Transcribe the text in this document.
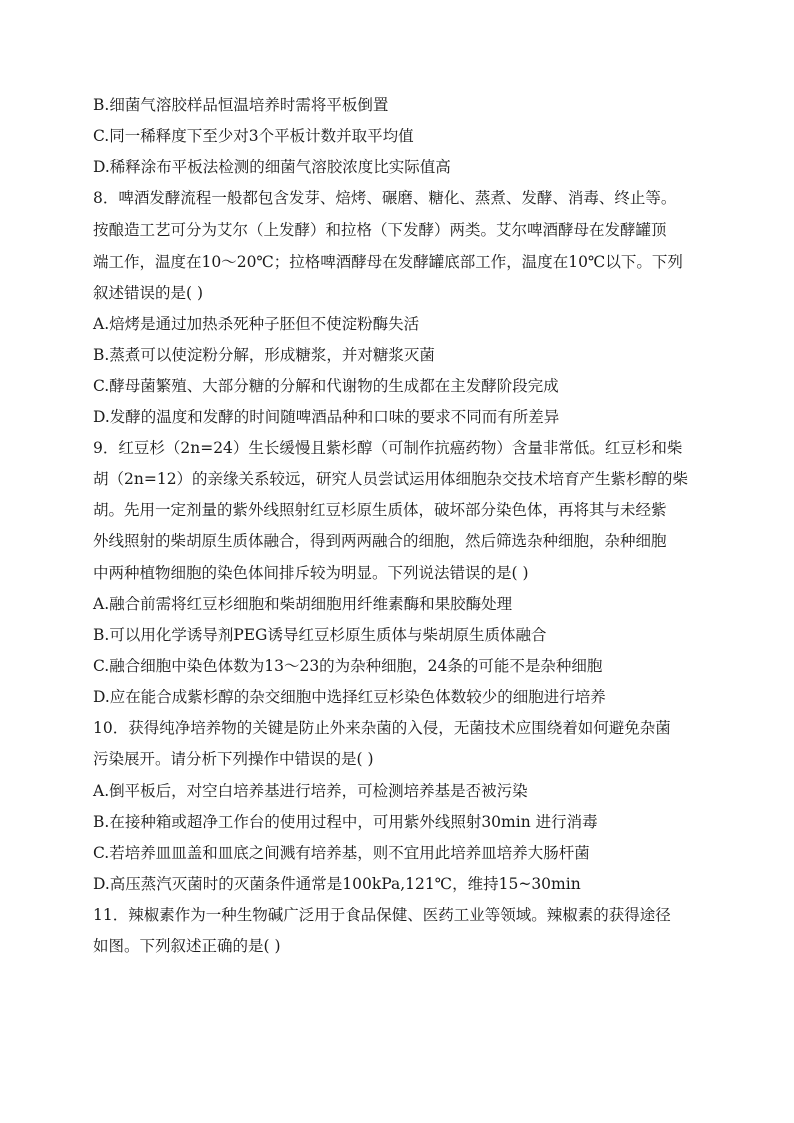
B.细菌气溶胶样品恒温培养时需将平板倒置
C.同一稀释度下至少对3个平板计数并取平均值
D.稀释涂布平板法检测的细菌气溶胶浓度比实际值高
8．啤酒发酵流程一般都包含发芽、焙烤、碾磨、糖化、蒸煮、发酵、消毒、终止等。
按酿造工艺可分为艾尔（上发酵）和拉格（下发酵）两类。艾尔啤酒酵母在发酵罐顶
端工作，温度在10～20℃；拉格啤酒酵母在发酵罐底部工作，温度在10℃以下。下列
叙述错误的是( )
A.焙烤是通过加热杀死种子胚但不使淀粉酶失活
B.蒸煮可以使淀粉分解，形成糖浆，并对糖浆灭菌
C.酵母菌繁殖、大部分糖的分解和代谢物的生成都在主发酵阶段完成
D.发酵的温度和发酵的时间随啤酒品种和口味的要求不同而有所差异
9．红豆杉（2n=24）生长缓慢且紫杉醇（可制作抗癌药物）含量非常低。红豆杉和柴
胡（2n=12）的亲缘关系较远，研究人员尝试运用体细胞杂交技术培育产生紫杉醇的柴
胡。先用一定剂量的紫外线照射红豆杉原生质体，破坏部分染色体，再将其与未经紫
外线照射的柴胡原生质体融合，得到两两融合的细胞，然后筛选杂种细胞，杂种细胞
中两种植物细胞的染色体间排斥较为明显。下列说法错误的是( )
A.融合前需将红豆杉细胞和柴胡细胞用纤维素酶和果胶酶处理
B.可以用化学诱导剂PEG诱导红豆杉原生质体与柴胡原生质体融合
C.融合细胞中染色体数为13～23的为杂种细胞，24条的可能不是杂种细胞
D.应在能合成紫杉醇的杂交细胞中选择红豆杉染色体数较少的细胞进行培养
10．获得纯净培养物的关键是防止外来杂菌的入侵，无菌技术应围绕着如何避免杂菌
污染展开。请分析下列操作中错误的是( )
A.倒平板后，对空白培养基进行培养，可检测培养基是否被污染
B.在接种箱或超净工作台的使用过程中，可用紫外线照射30min 进行消毒
C.若培养皿皿盖和皿底之间溅有培养基，则不宜用此培养皿培养大肠杆菌
D.高压蒸汽灭菌时的灭菌条件通常是100kPa,121℃，维持15~30min
11．辣椒素作为一种生物碱广泛用于食品保健、医药工业等领域。辣椒素的获得途径
如图。下列叙述正确的是( )
